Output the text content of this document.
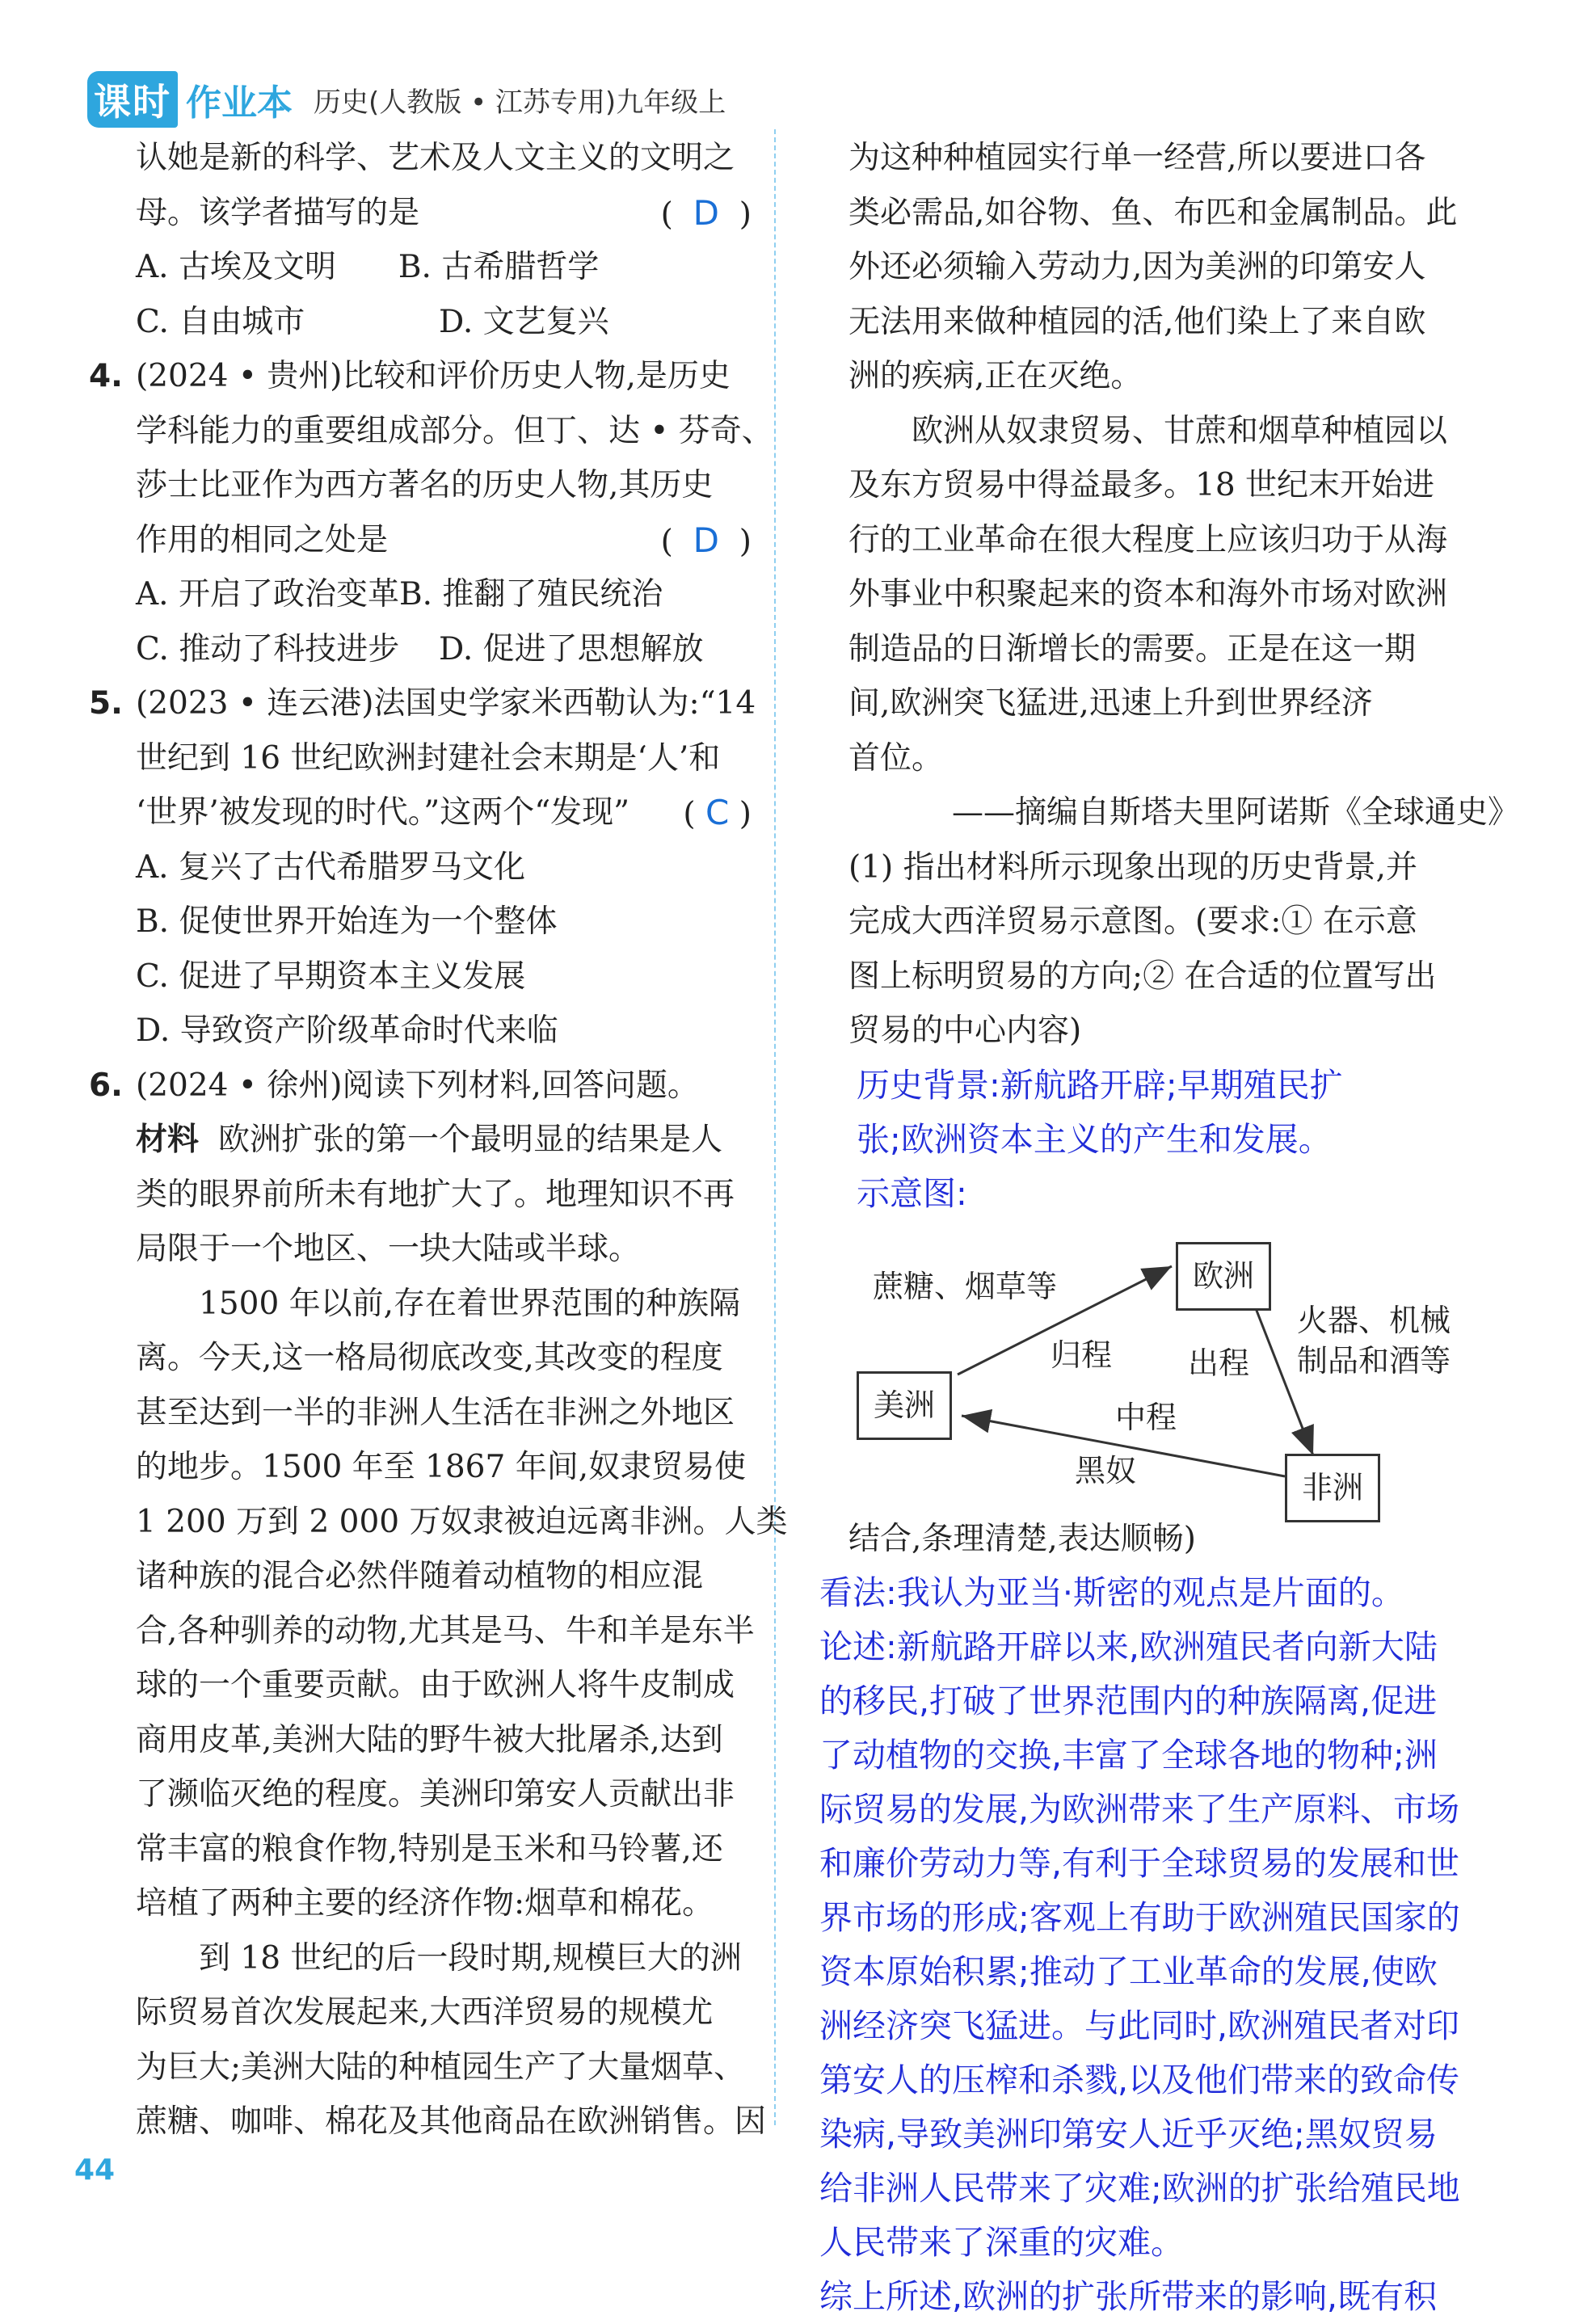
课时 作业本 历史(人教版 • 江苏专用)九年级上
认她是新的科学、艺术及人文主义的文明之
母。该学者描写的是	(  D  )
A. 古埃及文明	B. 古希腊哲学
C. 自由城市	D. 文艺复兴
4. (2024 • 贵州)比较和评价历史人物,是历史
学科能力的重要组成部分。但丁、达 • 芬奇、
莎士比亚作为西方著名的历史人物,其历史
作用的相同之处是	(  D  )
A. 开启了政治变革 B. 推翻了殖民统治
C. 推动了科技进步	D. 促进了思想解放
5. (2023 • 连云港)法国史学家米西勒认为:“14
世纪到 16 世纪欧洲封建社会末期是‘人’和
‘世界’被发现的时代。”这两个“发现” ( C )
A. 复兴了古代希腊罗马文化
B. 促使世界开始连为一个整体
C. 促进了早期资本主义发展
D. 导致资产阶级革命时代来临
6. (2024 • 徐州)阅读下列材料,回答问题。
材料 欧洲扩张的第一个最明显的结果是人
类的眼界前所未有地扩大了。地理知识不再
局限于一个地区、一块大陆或半球。
1500 年以前,存在着世界范围的种族隔
离。今天,这一格局彻底改变,其改变的程度
甚至达到一半的非洲人生活在非洲之外地区
的地步。1500 年至 1867 年间,奴隶贸易使
1 200 万到 2 000 万奴隶被迫远离非洲。人类
诸种族的混合必然伴随着动植物的相应混
合,各种驯养的动物,尤其是马、牛和羊是东半
球的一个重要贡献。由于欧洲人将牛皮制成
商用皮革,美洲大陆的野牛被大批屠杀,达到
了濒临灭绝的程度。美洲印第安人贡献出非
常丰富的粮食作物,特别是玉米和马铃薯,还
培植了两种主要的经济作物:烟草和棉花。
到 18 世纪的后一段时期,规模巨大的洲
际贸易首次发展起来,大西洋贸易的规模尤
为巨大;美洲大陆的种植园生产了大量烟草、
蔗糖、咖啡、棉花及其他商品在欧洲销售。因
为这种种植园实行单一经营,所以要进口各
类必需品,如谷物、鱼、布匹和金属制品。此
外还必须输入劳动力,因为美洲的印第安人
无法用来做种植园的活,他们染上了来自欧
洲的疾病,正在灭绝。
欧洲从奴隶贸易、甘蔗和烟草种植园以
及东方贸易中得益最多。18 世纪末开始进
行的工业革命在很大程度上应该归功于从海
外事业中积聚起来的资本和海外市场对欧洲
制造品的日渐增长的需要。正是在这一期
间,欧洲突飞猛进,迅速上升到世界经济
首位。
——摘编自斯塔夫里阿诺斯《全球通史》
(1) 指出材料所示现象出现的历史背景,并
完成大西洋贸易示意图。(要求:① 在示意
图上标明贸易的方向;② 在合适的位置写出
贸易的中心内容)
历史背景:新航路开辟;早期殖民扩
张;欧洲资本主义的产生和发展。
示意图:
欧洲
美洲
非洲
蔗糖、烟草等
归程 出程
火器、机械
制品和酒等
中程
黑奴
结合,条理清楚,表达顺畅)
看法:我认为亚当·斯密的观点是片面的。
论述:新航路开辟以来,欧洲殖民者向新大陆
的移民,打破了世界范围内的种族隔离,促进
了动植物的交换,丰富了全球各地的物种;洲
际贸易的发展,为欧洲带来了生产原料、市场
和廉价劳动力等,有利于全球贸易的发展和世
界市场的形成;客观上有助于欧洲殖民国家的
资本原始积累;推动了工业革命的发展,使欧
洲经济突飞猛进。与此同时,欧洲殖民者对印
第安人的压榨和杀戮,以及他们带来的致命传
染病,导致美洲印第安人近乎灭绝;黑奴贸易
给非洲人民带来了灾难;欧洲的扩张给殖民地
人民带来了深重的灾难。
综上所述,欧洲的扩张所带来的影响,既有积
44
